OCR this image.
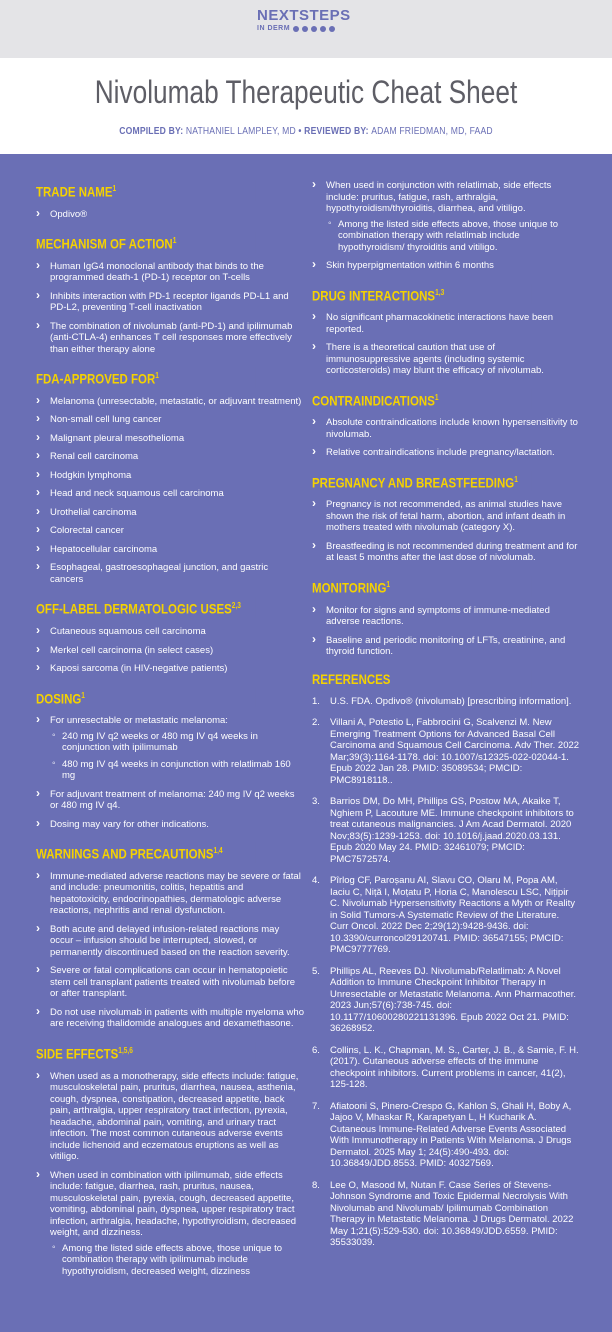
NEXTSTEPS
IN DERM
Nivolumab Therapeutic Cheat Sheet
COMPILED BY: NATHANIEL LAMPLEY, MD • REVIEWED BY: ADAM FRIEDMAN, MD, FAAD
TRADE NAME$^1$
› Opdivo®
MECHANISM OF ACTION$^1$
› Human IgG4 monoclonal antibody that binds to the programmed death-1 (PD-1) receptor on T-cells
› Inhibits interaction with PD-1 receptor ligands PD-L1 and PD-L2, preventing T-cell inactivation
› The combination of nivolumab (anti-PD-1) and ipilimumab (anti-CTLA-4) enhances T cell responses more effectively than either therapy alone
FDA-APPROVED FOR$^1$
› Melanoma (unresectable, metastatic, or adjuvant treatment)
› Non-small cell lung cancer
› Malignant pleural mesothelioma
› Renal cell carcinoma
› Hodgkin lymphoma
› Head and neck squamous cell carcinoma
› Urothelial carcinoma
› Colorectal cancer
› Hepatocellular carcinoma
› Esophageal, gastroesophageal junction, and gastric cancers
OFF-LABEL DERMATOLOGIC USES$^{2,3}$
› Cutaneous squamous cell carcinoma
› Merkel cell carcinoma (in select cases)
› Kaposi sarcoma (in HIV-negative patients)
DOSING$^1$
› For unresectable or metastatic melanoma:
◦ 240 mg IV q2 weeks or 480 mg IV q4 weeks in conjunction with ipilimumab
◦ 480 mg IV q4 weeks in conjunction with relatlimab 160 mg
› For adjuvant treatment of melanoma: 240 mg IV q2 weeks or 480 mg IV q4.
› Dosing may vary for other indications.
WARNINGS AND PRECAUTIONS$^{1,4}$
› Immune-mediated adverse reactions may be severe or fatal and include: pneumonitis, colitis, hepatitis and hepatotoxicity, endocrinopathies, dermatologic adverse reactions, nephritis and renal dysfunction.
› Both acute and delayed infusion-related reactions may occur – infusion should be interrupted, slowed, or permanently discontinued based on the reaction severity.
› Severe or fatal complications can occur in hematopoietic stem cell transplant patients treated with nivolumab before or after transplant.
› Do not use nivolumab in patients with multiple myeloma who are receiving thalidomide analogues and dexamethasone.
SIDE EFFECTS$^{1,5,6}$
› When used as a monotherapy, side effects include: fatigue, musculoskeletal pain, pruritus, diarrhea, nausea, asthenia, cough, dyspnea, constipation, decreased appetite, back pain, arthralgia, upper respiratory tract infection, pyrexia, headache, abdominal pain, vomiting, and urinary tract infection. The most common cutaneous adverse events include lichenoid and eczematous eruptions as well as vitiligo.
› When used in combination with ipilimumab, side effects include: fatigue, diarrhea, rash, pruritus, nausea, musculoskeletal pain, pyrexia, cough, decreased appetite, vomiting, abdominal pain, dyspnea, upper respiratory tract infection, arthralgia, headache, hypothyroidism, decreased weight, and dizziness.
◦ Among the listed side effects above, those unique to combination therapy with ipilimumab include hypothyroidism, decreased weight, dizziness
› When used in conjunction with relatlimab, side effects include: pruritus, fatigue, rash, arthralgia, hypothyroidism/thyroiditis, diarrhea, and vitiligo.
◦ Among the listed side effects above, those unique to combination therapy with relatlimab include hypothyroidism/ thyroiditis and vitiligo.
› Skin hyperpigmentation within 6 months
DRUG INTERACTIONS$^{1,3}$
› No significant pharmacokinetic interactions have been reported.
› There is a theoretical caution that use of immunosuppressive agents (including systemic corticosteroids) may blunt the efficacy of nivolumab.
CONTRAINDICATIONS$^1$
› Absolute contraindications include known hypersensitivity to nivolumab.
› Relative contraindications include pregnancy/lactation.
PREGNANCY AND BREASTFEEDING$^1$
› Pregnancy is not recommended, as animal studies have shown the risk of fetal harm, abortion, and infant death in mothers treated with nivolumab (category X).
› Breastfeeding is not recommended during treatment and for at least 5 months after the last dose of nivolumab.
MONITORING$^1$
› Monitor for signs and symptoms of immune-mediated adverse reactions.
› Baseline and periodic monitoring of LFTs, creatinine, and thyroid function.
REFERENCES
1. U.S. FDA. Opdivo® (nivolumab) [prescribing information].
2. Villani A, Potestio L, Fabbrocini G, Scalvenzi M. New Emerging Treatment Options for Advanced Basal Cell Carcinoma and Squamous Cell Carcinoma. Adv Ther. 2022 Mar;39(3):1164-1178. doi: 10.1007/s12325-022-02044-1. Epub 2022 Jan 28. PMID: 35089534; PMCID: PMC8918118..
3. Barrios DM, Do MH, Phillips GS, Postow MA, Akaike T, Nghiem P, Lacouture ME. Immune checkpoint inhibitors to treat cutaneous malignancies. J Am Acad Dermatol. 2020 Nov;83(5):1239-1253. doi: 10.1016/j.jaad.2020.03.131. Epub 2020 May 24. PMID: 32461079; PMCID: PMC7572574.
4. Pîrlog CF, Paroșanu AI, Slavu CO, Olaru M, Popa AM, Iaciu C, Niță I, Moțatu P, Horia C, Manolescu LSC, Nițipir C. Nivolumab Hypersensitivity Reactions a Myth or Reality in Solid Tumors-A Systematic Review of the Literature. Curr Oncol. 2022 Dec 2;29(12):9428-9436. doi: 10.3390/curroncol29120741. PMID: 36547155; PMCID: PMC9777769.
5. Phillips AL, Reeves DJ. Nivolumab/Relatlimab: A Novel Addition to Immune Checkpoint Inhibitor Therapy in Unresectable or Metastatic Melanoma. Ann Pharmacother. 2023 Jun;57(6):738-745. doi: 10.1177/10600280221131396. Epub 2022 Oct 21. PMID: 36268952.
6. Collins, L. K., Chapman, M. S., Carter, J. B., & Samie, F. H. (2017). Cutaneous adverse effects of the immune checkpoint inhibitors. Current problems in cancer, 41(2), 125-128.
7. Afiatooni S, Pinero-Crespo G, Kahlon S, Ghali H, Boby A, Jajoo V, Mhaskar R, Karapetyan L, H Kucharik A. Cutaneous Immune-Related Adverse Events Associated With Immunotherapy in Patients With Melanoma. J Drugs Dermatol. 2025 May 1; 24(5):490-493. doi: 10.36849/JDD.8553. PMID: 40327569.
8. Lee O, Masood M, Nutan F. Case Series of Stevens-Johnson Syndrome and Toxic Epidermal Necrolysis With Nivolumab and Nivolumab/ Ipilimumab Combination Therapy in Metastatic Melanoma. J Drugs Dermatol. 2022 May 1;21(5):529-530. doi: 10.36849/JDD.6559. PMID: 35533039.
